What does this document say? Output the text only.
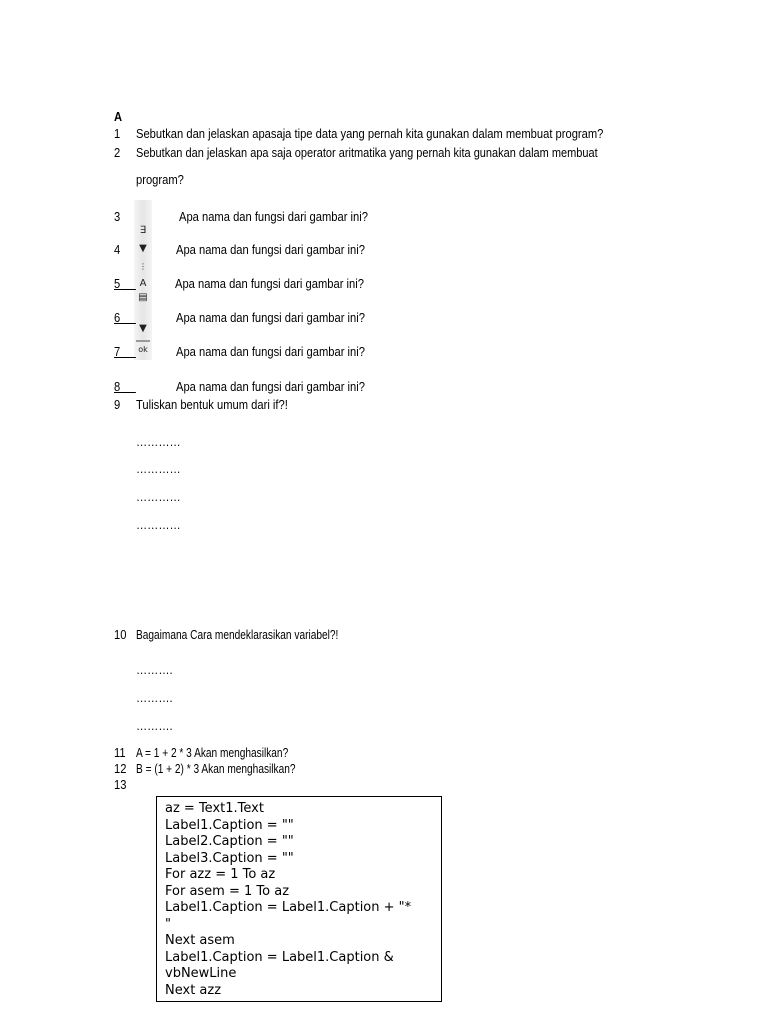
A
1 Sebutkan dan jelaskan apasaja tipe data yang pernah kita gunakan dalam membuat program?
2 Sebutkan dan jelaskan apa saja operator aritmatika yang pernah kita gunakan dalam membuat
program?
∃
▼
⋮
A
▤
▼
ok
3	Apa nama dan fungsi dari gambar ini?
4	Apa nama dan fungsi dari gambar ini?
5	Apa nama dan fungsi dari gambar ini?
6	Apa nama dan fungsi dari gambar ini?
7	Apa nama dan fungsi dari gambar ini?
8	Apa nama dan fungsi dari gambar ini?
9 Tuliskan bentuk umum dari if?!
…………
…………
…………
…………
10 Bagaimana Cara mendeklarasikan variabel?!
……….
……….
……….
11 A = 1 + 2 * 3 Akan menghasilkan?
12 B = (1 + 2) * 3 Akan menghasilkan?
13
az = Text1.Text
Label1.Caption = ""
Label2.Caption = ""
Label3.Caption = ""
For azz = 1 To az
For asem = 1 To az
Label1.Caption = Label1.Caption + "*
"
Next asem
Label1.Caption = Label1.Caption &
vbNewLine
Next azz
